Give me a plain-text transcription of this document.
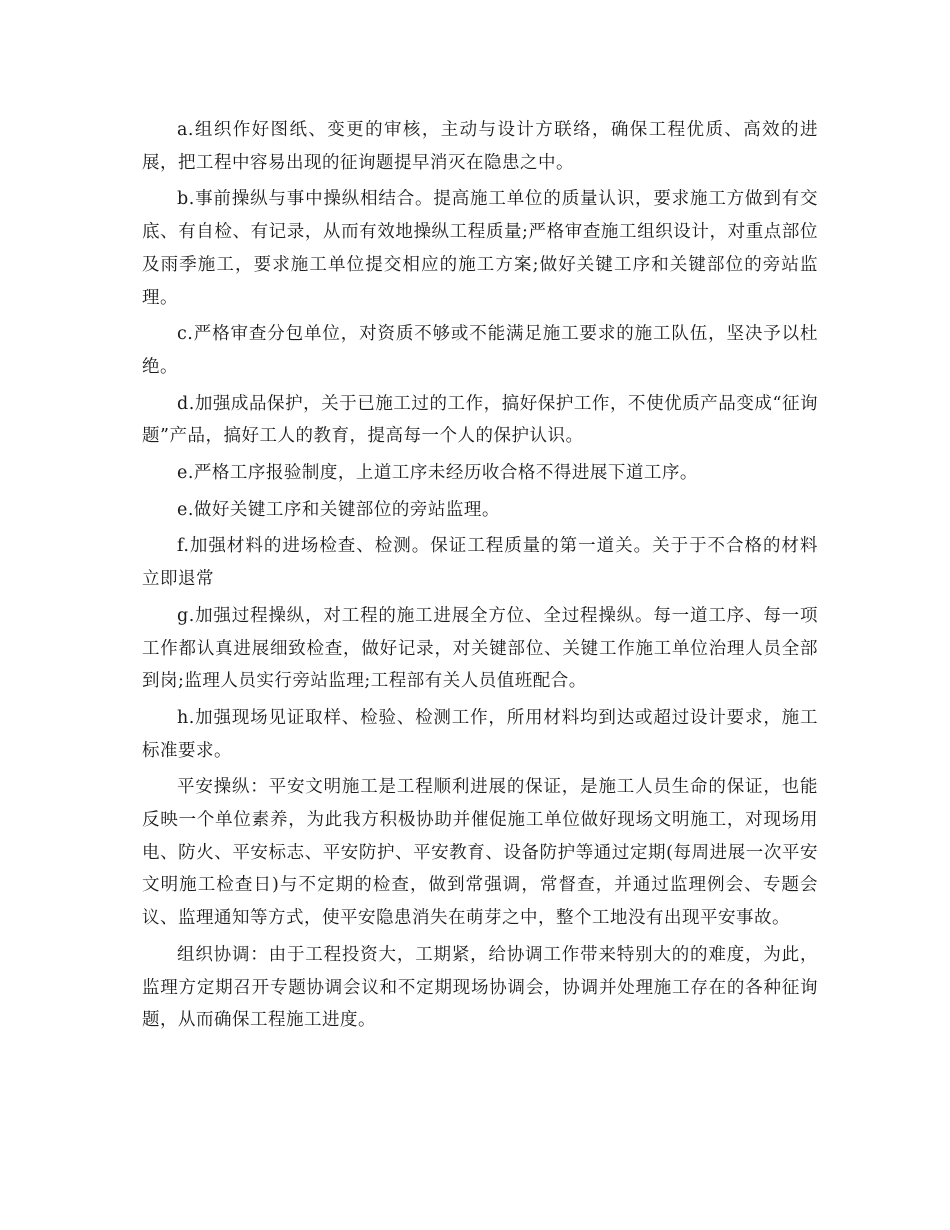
a.组织作好图纸、变更的审核，主动与设计方联络，确保工程优质、高效的进展，把工程中容易出现的征询题提早消灭在隐患之中。

b.事前操纵与事中操纵相结合。提高施工单位的质量认识，要求施工方做到有交底、有自检、有记录，从而有效地操纵工程质量;严格审查施工组织设计，对重点部位及雨季施工，要求施工单位提交相应的施工方案;做好关键工序和关键部位的旁站监理。

c.严格审查分包单位，对资质不够或不能满足施工要求的施工队伍，坚决予以杜绝。

d.加强成品保护，关于已施工过的工作，搞好保护工作，不使优质产品变成“征询题”产品，搞好工人的教育，提高每一个人的保护认识。

e.严格工序报验制度，上道工序未经历收合格不得进展下道工序。

e.做好关键工序和关键部位的旁站监理。

f.加强材料的进场检查、检测。保证工程质量的第一道关。关于于不合格的材料立即退常

g.加强过程操纵，对工程的施工进展全方位、全过程操纵。每一道工序、每一项工作都认真进展细致检查，做好记录，对关键部位、关键工作施工单位治理人员全部到岗;监理人员实行旁站监理;工程部有关人员值班配合。

h.加强现场见证取样、检验、检测工作，所用材料均到达或超过设计要求，施工标准要求。

平安操纵：平安文明施工是工程顺利进展的保证，是施工人员生命的保证，也能反映一个单位素养，为此我方积极协助并催促施工单位做好现场文明施工，对现场用电、防火、平安标志、平安防护、平安教育、设备防护等通过定期(每周进展一次平安文明施工检查日)与不定期的检查，做到常强调，常督查，并通过监理例会、专题会议、监理通知等方式，使平安隐患消失在萌芽之中，整个工地没有出现平安事故。

组织协调：由于工程投资大，工期紧，给协调工作带来特别大的的难度，为此，监理方定期召开专题协调会议和不定期现场协调会，协调并处理施工存在的各种征询题，从而确保工程施工进度。
